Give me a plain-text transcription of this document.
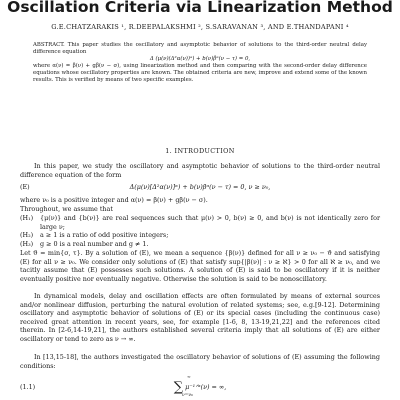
Oscillation Criteria via Linearization Method
G.E.CHATZARAKIS ¹, R.DEEPALAKSHMI ², S.SARAVANAN ³, AND E.THANDAPANI ⁴

ABSTRACT. This paper studies the oscillatory and asymptotic behavior of solutions to the third-order neutral delay difference equation

Δ (μ(ν)(Δ²α(ν))ᵅ) + b(ν)βᵅ(ν − τ) = 0,

where α(ν) = β(ν) + gβ(ν − σ), using linearization method and then comparing with the second-order delay difference equations whose oscillatory properties are known. The obtained criteria are new, improve and extend some of the known results. This is verified by means of two specific examples.

1. INTRODUCTION

In this paper, we study the oscillatory and asymptotic behavior of solutions to the third-order neutral difference equation of the form

(E)	Δ(μ(ν)[Δ²α(ν)]ᵅ) + b(ν)βᵅ(ν − τ) = 0, ν ≥ ν₀,

where ν₀ is a positive integer and α(ν) = β(ν) + gβ(ν − σ).

Throughout, we assume that

(H₁) {μ(ν)} and {b(ν)} are real sequences such that μ(ν) > 0, b(ν) ≥ 0, and b(ν) is not identically zero for large ν;
(H₂) a ≥ 1 is a ratio of odd positive integers;
(H₃) g ≥ 0 is a real number and g ≠ 1.

Let ϑ = min{σ, τ}. By a solution of (E), we mean a sequence {β(ν)} defined for all ν ≥ ν₀ − ϑ and satisfying (E) for all ν ≥ ν₀. We consider only solutions of (E) that satisfy sup{|β(ν)| : ν ≥ ℵ} > 0 for all ℵ ≥ ν₀, and we tacitly assume that (E) possesses such solutions. A solution of (E) is said to be oscillatory if it is neither eventually positive nor eventually negative. Otherwise the solution is said to be nonoscillatory.

In dynamical models, delay and oscillation effects are often formulated by means of external sources and/or nonlinear diffusion, perturbing the natural evolution of related systems; see, e.g.[9-12]. Determining oscillatory and asymptotic behavior of solutions of (E) or its special cases (including the continuous case) received great attention in recent years, see, for example [1-6, 8, 13-19,21,22] and the references cited therein. In [2-6,14-19,21], the authors established several criteria imply that all solutions of (E) are either oscillatory or tend to zero as ν → ∞.

In [13,15-18], the authors investigated the oscillatory behavior of solutions of (E) assuming the following conditions:

(1.1)
∞
∑ μ⁻¹ᐟᵅ(ν) = ∞,
ν=ν₀
